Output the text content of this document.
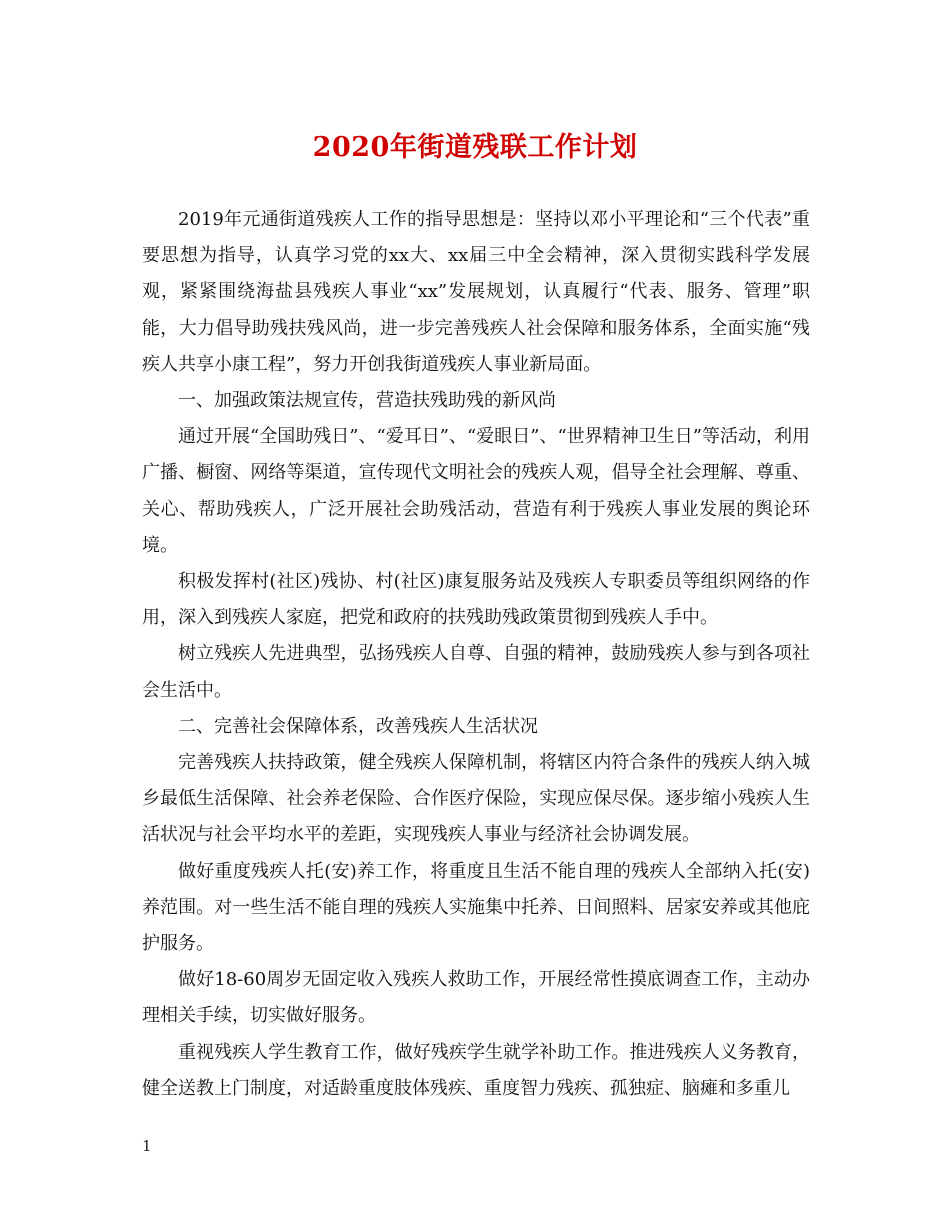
2020年街道残联工作计划

2019年元通街道残疾人工作的指导思想是：坚持以邓小平理论和“三个代表”重要思想为指导，认真学习党的xx大、xx届三中全会精神，深入贯彻实践科学发展观，紧紧围绕海盐县残疾人事业“xx”发展规划，认真履行“代表、服务、管理”职能，大力倡导助残扶残风尚，进一步完善残疾人社会保障和服务体系，全面实施“残疾人共享小康工程”，努力开创我街道残疾人事业新局面。

一、加强政策法规宣传，营造扶残助残的新风尚

通过开展“全国助残日”、“爱耳日”、“爱眼日”、“世界精神卫生日”等活动，利用广播、橱窗、网络等渠道，宣传现代文明社会的残疾人观，倡导全社会理解、尊重、关心、帮助残疾人，广泛开展社会助残活动，营造有利于残疾人事业发展的舆论环境。

积极发挥村(社区)残协、村(社区)康复服务站及残疾人专职委员等组织网络的作用，深入到残疾人家庭，把党和政府的扶残助残政策贯彻到残疾人手中。

树立残疾人先进典型，弘扬残疾人自尊、自强的精神，鼓励残疾人参与到各项社会生活中。

二、完善社会保障体系，改善残疾人生活状况

完善残疾人扶持政策，健全残疾人保障机制，将辖区内符合条件的残疾人纳入城乡最低生活保障、社会养老保险、合作医疗保险，实现应保尽保。逐步缩小残疾人生活状况与社会平均水平的差距，实现残疾人事业与经济社会协调发展。

做好重度残疾人托(安)养工作，将重度且生活不能自理的残疾人全部纳入托(安)养范围。对一些生活不能自理的残疾人实施集中托养、日间照料、居家安养或其他庇护服务。

做好18-60周岁无固定收入残疾人救助工作，开展经常性摸底调查工作，主动办理相关手续，切实做好服务。

重视残疾人学生教育工作，做好残疾学生就学补助工作。推进残疾人义务教育，健全送教上门制度，对适龄重度肢体残疾、重度智力残疾、孤独症、脑瘫和多重儿

1
